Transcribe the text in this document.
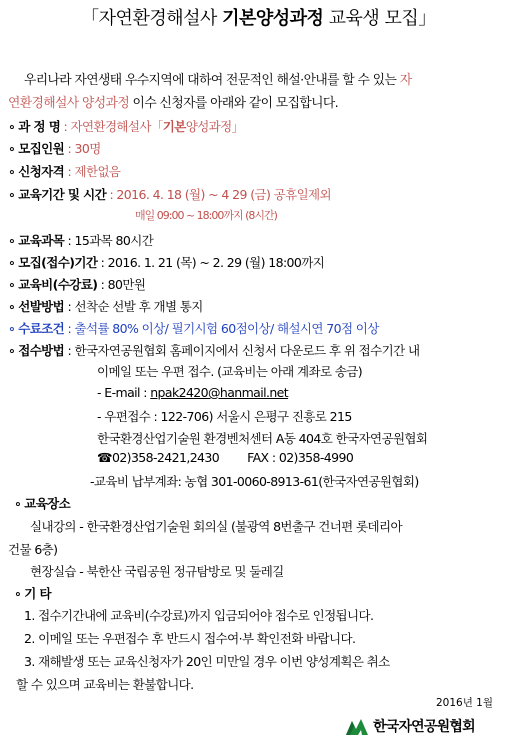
「자연환경해설사 기본양성과정 교육생 모집」
우리나라 자연생태 우수지역에 대하여 전문적인 해설·안내를 할 수 있는 자
연환경해설사 양성과정 이수 신청자를 아래와 같이 모집합니다.
∘ 과 정 명 : 자연환경해설사「기본양성과정」
∘ 모집인원 : 30명
∘ 신청자격 : 제한없음
∘ 교육기간 및 시간 : 2016. 4. 18 (월) ~ 4 29 (금) 공휴일제외
매일 09:00 ~ 18:00까지 (8시간)
∘ 교육과목 : 15과목 80시간
∘ 모집(접수)기간 : 2016. 1. 21 (목) ~ 2. 29 (월) 18:00까지
∘ 교육비(수강료) : 80만원
∘ 선발방법 : 선착순 선발 후 개별 통지
∘ 수료조건 : 출석률 80% 이상/ 필기시험 60점이상/ 해설시연 70점 이상
∘ 접수방법 : 한국자연공원협회 홈페이지에서 신청서 다운로드 후 위 접수기간 내
이메일 또는 우편 접수. (교육비는 아래 계좌로 송금)
- E-mail : npak2420@hanmail.net
- 우편접수 : 122-706) 서울시 은평구 진흥로 215
한국환경산업기술원 환경벤처센터 A동 404호 한국자연공원협회
☎02)358-2421,2430 FAX : 02)358-4990
-교육비 납부계좌: 농협 301-0060-8913-61(한국자연공원협회)
∘ 교육장소
실내강의 - 한국환경산업기술원 회의실 (불광역 8번출구 건너편 롯데리아
건물 6층)
현장실습 - 북한산 국립공원 정규탐방로 및 둘레길
∘ 기 타
1. 접수기간내에 교육비(수강료)까지 입금되어야 접수로 인정됩니다.
2. 이메일 또는 우편접수 후 반드시 접수여·부 확인전화 바랍니다.
3. 재해발생 또는 교육신청자가 20인 미만일 경우 이번 양성계획은 취소
할 수 있으며 교육비는 환불합니다.
2016년 1월
한국자연공원협회
